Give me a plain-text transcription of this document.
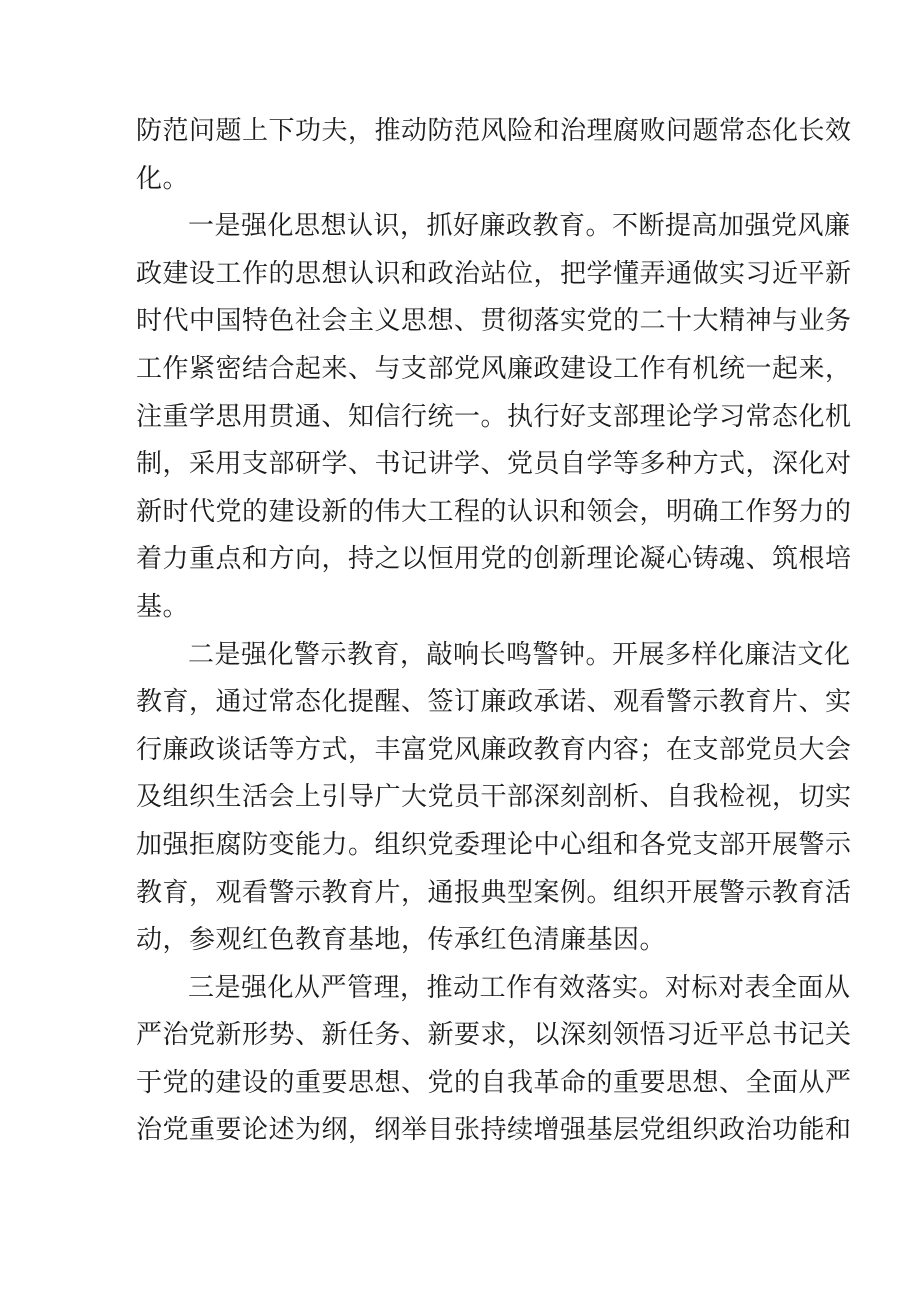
防范问题上下功夫，推动防范风险和治理腐败问题常态化长效
化。
一是强化思想认识，抓好廉政教育。不断提高加强党风廉
政建设工作的思想认识和政治站位，把学懂弄通做实习近平新
时代中国特色社会主义思想、贯彻落实党的二十大精神与业务
工作紧密结合起来、与支部党风廉政建设工作有机统一起来，
注重学思用贯通、知信行统一。执行好支部理论学习常态化机
制，采用支部研学、书记讲学、党员自学等多种方式，深化对
新时代党的建设新的伟大工程的认识和领会，明确工作努力的
着力重点和方向，持之以恒用党的创新理论凝心铸魂、筑根培
基。
二是强化警示教育，敲响长鸣警钟。开展多样化廉洁文化
教育，通过常态化提醒、签订廉政承诺、观看警示教育片、实
行廉政谈话等方式，丰富党风廉政教育内容；在支部党员大会
及组织生活会上引导广大党员干部深刻剖析、自我检视，切实
加强拒腐防变能力。组织党委理论中心组和各党支部开展警示
教育，观看警示教育片，通报典型案例。组织开展警示教育活
动，参观红色教育基地，传承红色清廉基因。
三是强化从严管理，推动工作有效落实。对标对表全面从
严治党新形势、新任务、新要求，以深刻领悟习近平总书记关
于党的建设的重要思想、党的自我革命的重要思想、全面从严
治党重要论述为纲，纲举目张持续增强基层党组织政治功能和
